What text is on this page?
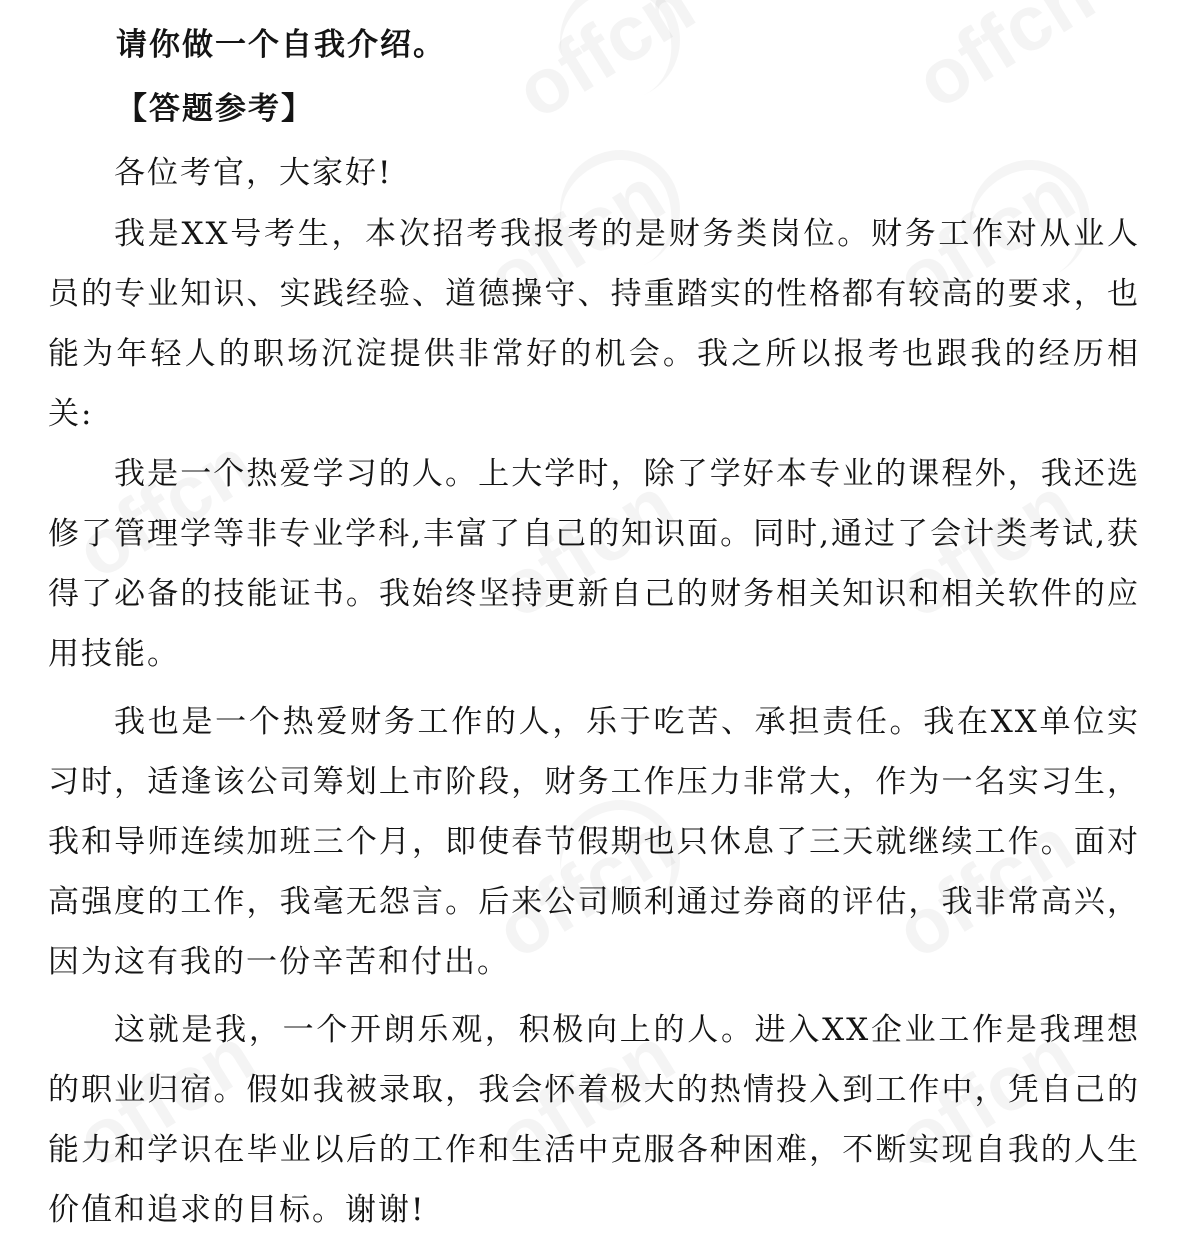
请你做一个自我介绍。

【答题参考】

各位考官，大家好!

我是XX号考生，本次招考我报考的是财务类岗位。财务工作对从业人员的专业知识、实践经验、道德操守、持重踏实的性格都有较高的要求，也能为年轻人的职场沉淀提供非常好的机会。我之所以报考也跟我的经历相关:

我是一个热爱学习的人。上大学时，除了学好本专业的课程外，我还选修了管理学等非专业学科,丰富了自己的知识面。同时,通过了会计类考试,获得了必备的技能证书。我始终坚持更新自己的财务相关知识和相关软件的应用技能。

我也是一个热爱财务工作的人，乐于吃苦、承担责任。我在XX单位实习时，适逢该公司筹划上市阶段，财务工作压力非常大，作为一名实习生，我和导师连续加班三个月，即使春节假期也只休息了三天就继续工作。面对高强度的工作，我毫无怨言。后来公司顺利通过券商的评估，我非常高兴，因为这有我的一份辛苦和付出。

这就是我，一个开朗乐观，积极向上的人。进入XX企业工作是我理想的职业归宿。假如我被录取，我会怀着极大的热情投入到工作中，凭自己的能力和学识在毕业以后的工作和生活中克服各种困难，不断实现自我的人生价值和追求的目标。谢谢!
